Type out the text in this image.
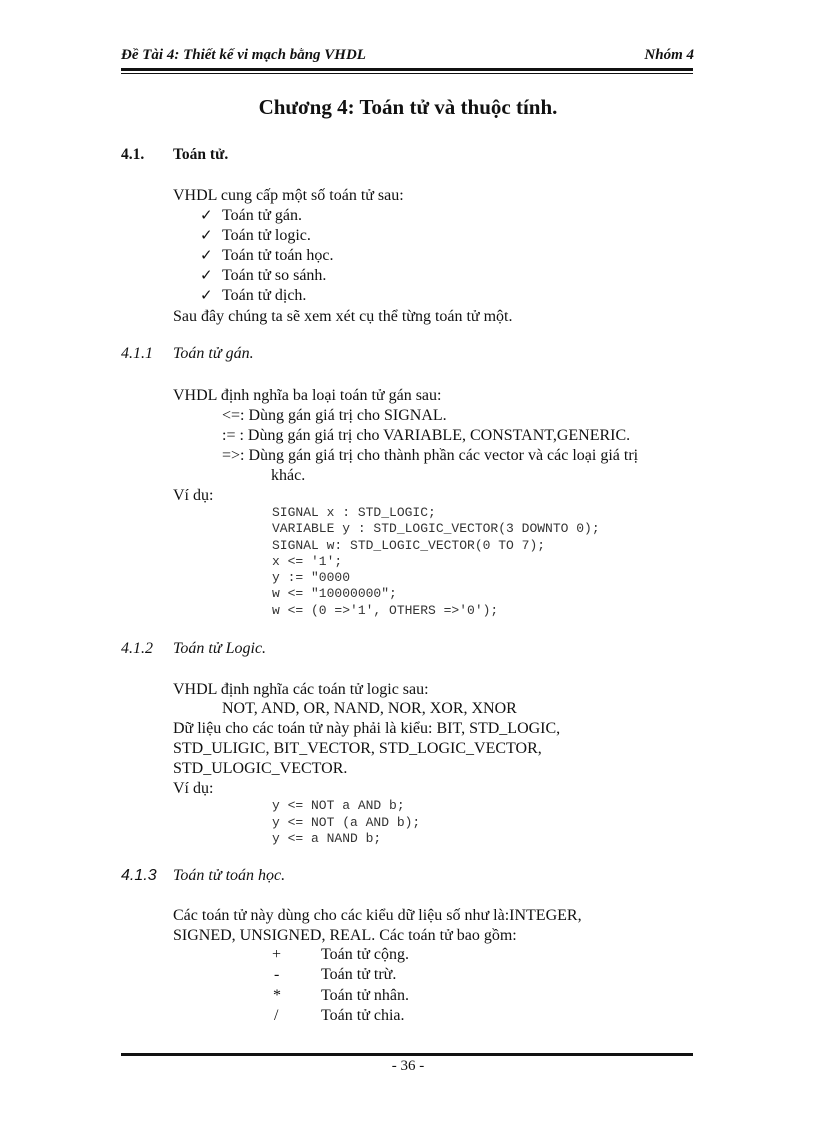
Đề Tài 4: Thiết kế vi mạch bằng VHDL	Nhóm 4
Chương 4: Toán tử và thuộc tính.
4.1. Toán tử.
VHDL cung cấp một số toán tử sau:
✓ Toán tử gán.
✓ Toán tử logic.
✓ Toán tử toán học.
✓ Toán tử so sánh.
✓ Toán tử dịch.
Sau đây chúng ta sẽ xem xét cụ thể từng toán tử một.
4.1.1 Toán tử gán.
VHDL định nghĩa ba loại toán tử gán sau:
<=: Dùng gán giá trị cho SIGNAL.
:= : Dùng gán giá trị cho VARIABLE, CONSTANT,GENERIC.
=>: Dùng gán giá trị cho thành phần các vector và các loại giá trị
khác.
Ví dụ:
SIGNAL x : STD_LOGIC;
VARIABLE y : STD_LOGIC_VECTOR(3 DOWNTO 0);
SIGNAL w: STD_LOGIC_VECTOR(0 TO 7);
x <= '1';
y := "0000
w <= "10000000";
w <= (0 =>'1', OTHERS =>'0');
4.1.2 Toán tử Logic.
VHDL định nghĩa các toán tử logic sau:
NOT, AND, OR, NAND, NOR, XOR, XNOR
Dữ liệu cho các toán tử này phải là kiểu: BIT, STD_LOGIC,
STD_ULIGIC, BIT_VECTOR, STD_LOGIC_VECTOR,
STD_ULOGIC_VECTOR.
Ví dụ:
y <= NOT a AND b;
y <= NOT (a AND b);
y <= a NAND b;
4.1.3 Toán tử toán học.
Các toán tử này dùng cho các kiểu dữ liệu số như là:INTEGER,
SIGNED, UNSIGNED, REAL. Các toán tử bao gồm:
+ Toán tử cộng.
-	Toán tử trừ.
*	Toán tử nhân.
/	Toán tử chia.
- 36 -
